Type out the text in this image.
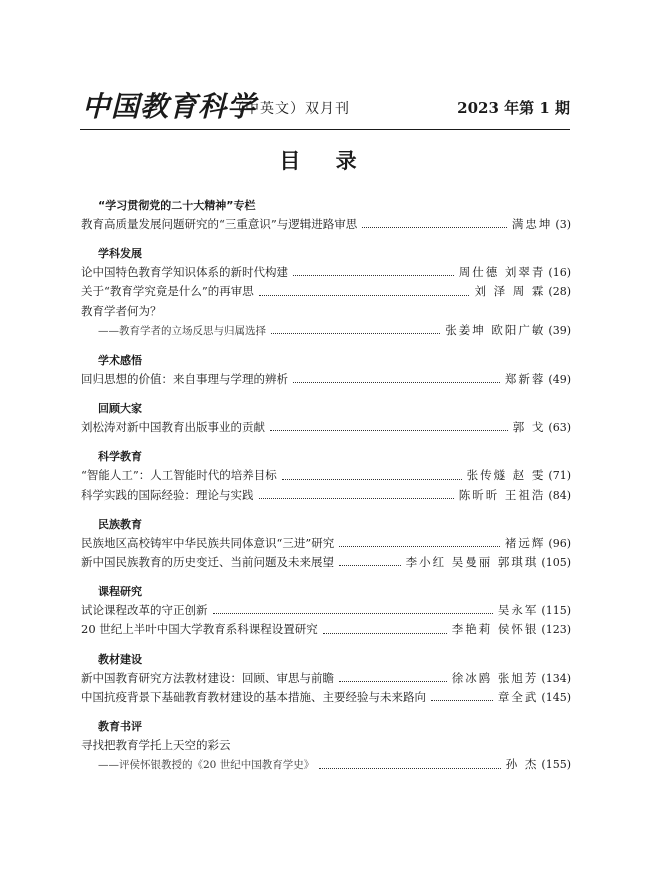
中国教育科学
（中英文）双月刊	2023 年第 1 期
目 录
“学习贯彻党的二十大精神”专栏
教育高质量发展问题研究的“三重意识”与逻辑进路审思	满忠坤 (3)
学科发展
论中国特色教育学知识体系的新时代构建	周仕德 刘翠青 (16)
关于“教育学究竟是什么”的再审思	刘 泽 周 霖 (28)
教育学者何为？
——教育学者的立场反思与归属选择	张姜坤 欧阳广敏 (39)
学术感悟
回归思想的价值：来自事理与学理的辨析	郑新蓉 (49)
回顾大家
刘松涛对新中国教育出版事业的贡献	郭 戈 (63)
科学教育
“智能人工”：人工智能时代的培养目标	张传燧 赵 雯 (71)
科学实践的国际经验：理论与实践	陈昕昕 王祖浩 (84)
民族教育
民族地区高校铸牢中华民族共同体意识“三进”研究	褚远辉 (96)
新中国民族教育的历史变迁、当前问题及未来展望	李小红 吴曼丽 郭琪琪 (105)
课程研究
试论课程改革的守正创新	吴永军 (115)
20 世纪上半叶中国大学教育系科课程设置研究	李艳莉 侯怀银 (123)
教材建设
新中国教育研究方法教材建设：回顾、审思与前瞻	徐冰鸥 张旭芳 (134)
中国抗疫背景下基础教育教材建设的基本措施、主要经验与未来路向	章全武 (145)
教育书评
寻找把教育学托上天空的彩云
——评侯怀银教授的《20 世纪中国教育学史》	孙 杰 (155)
